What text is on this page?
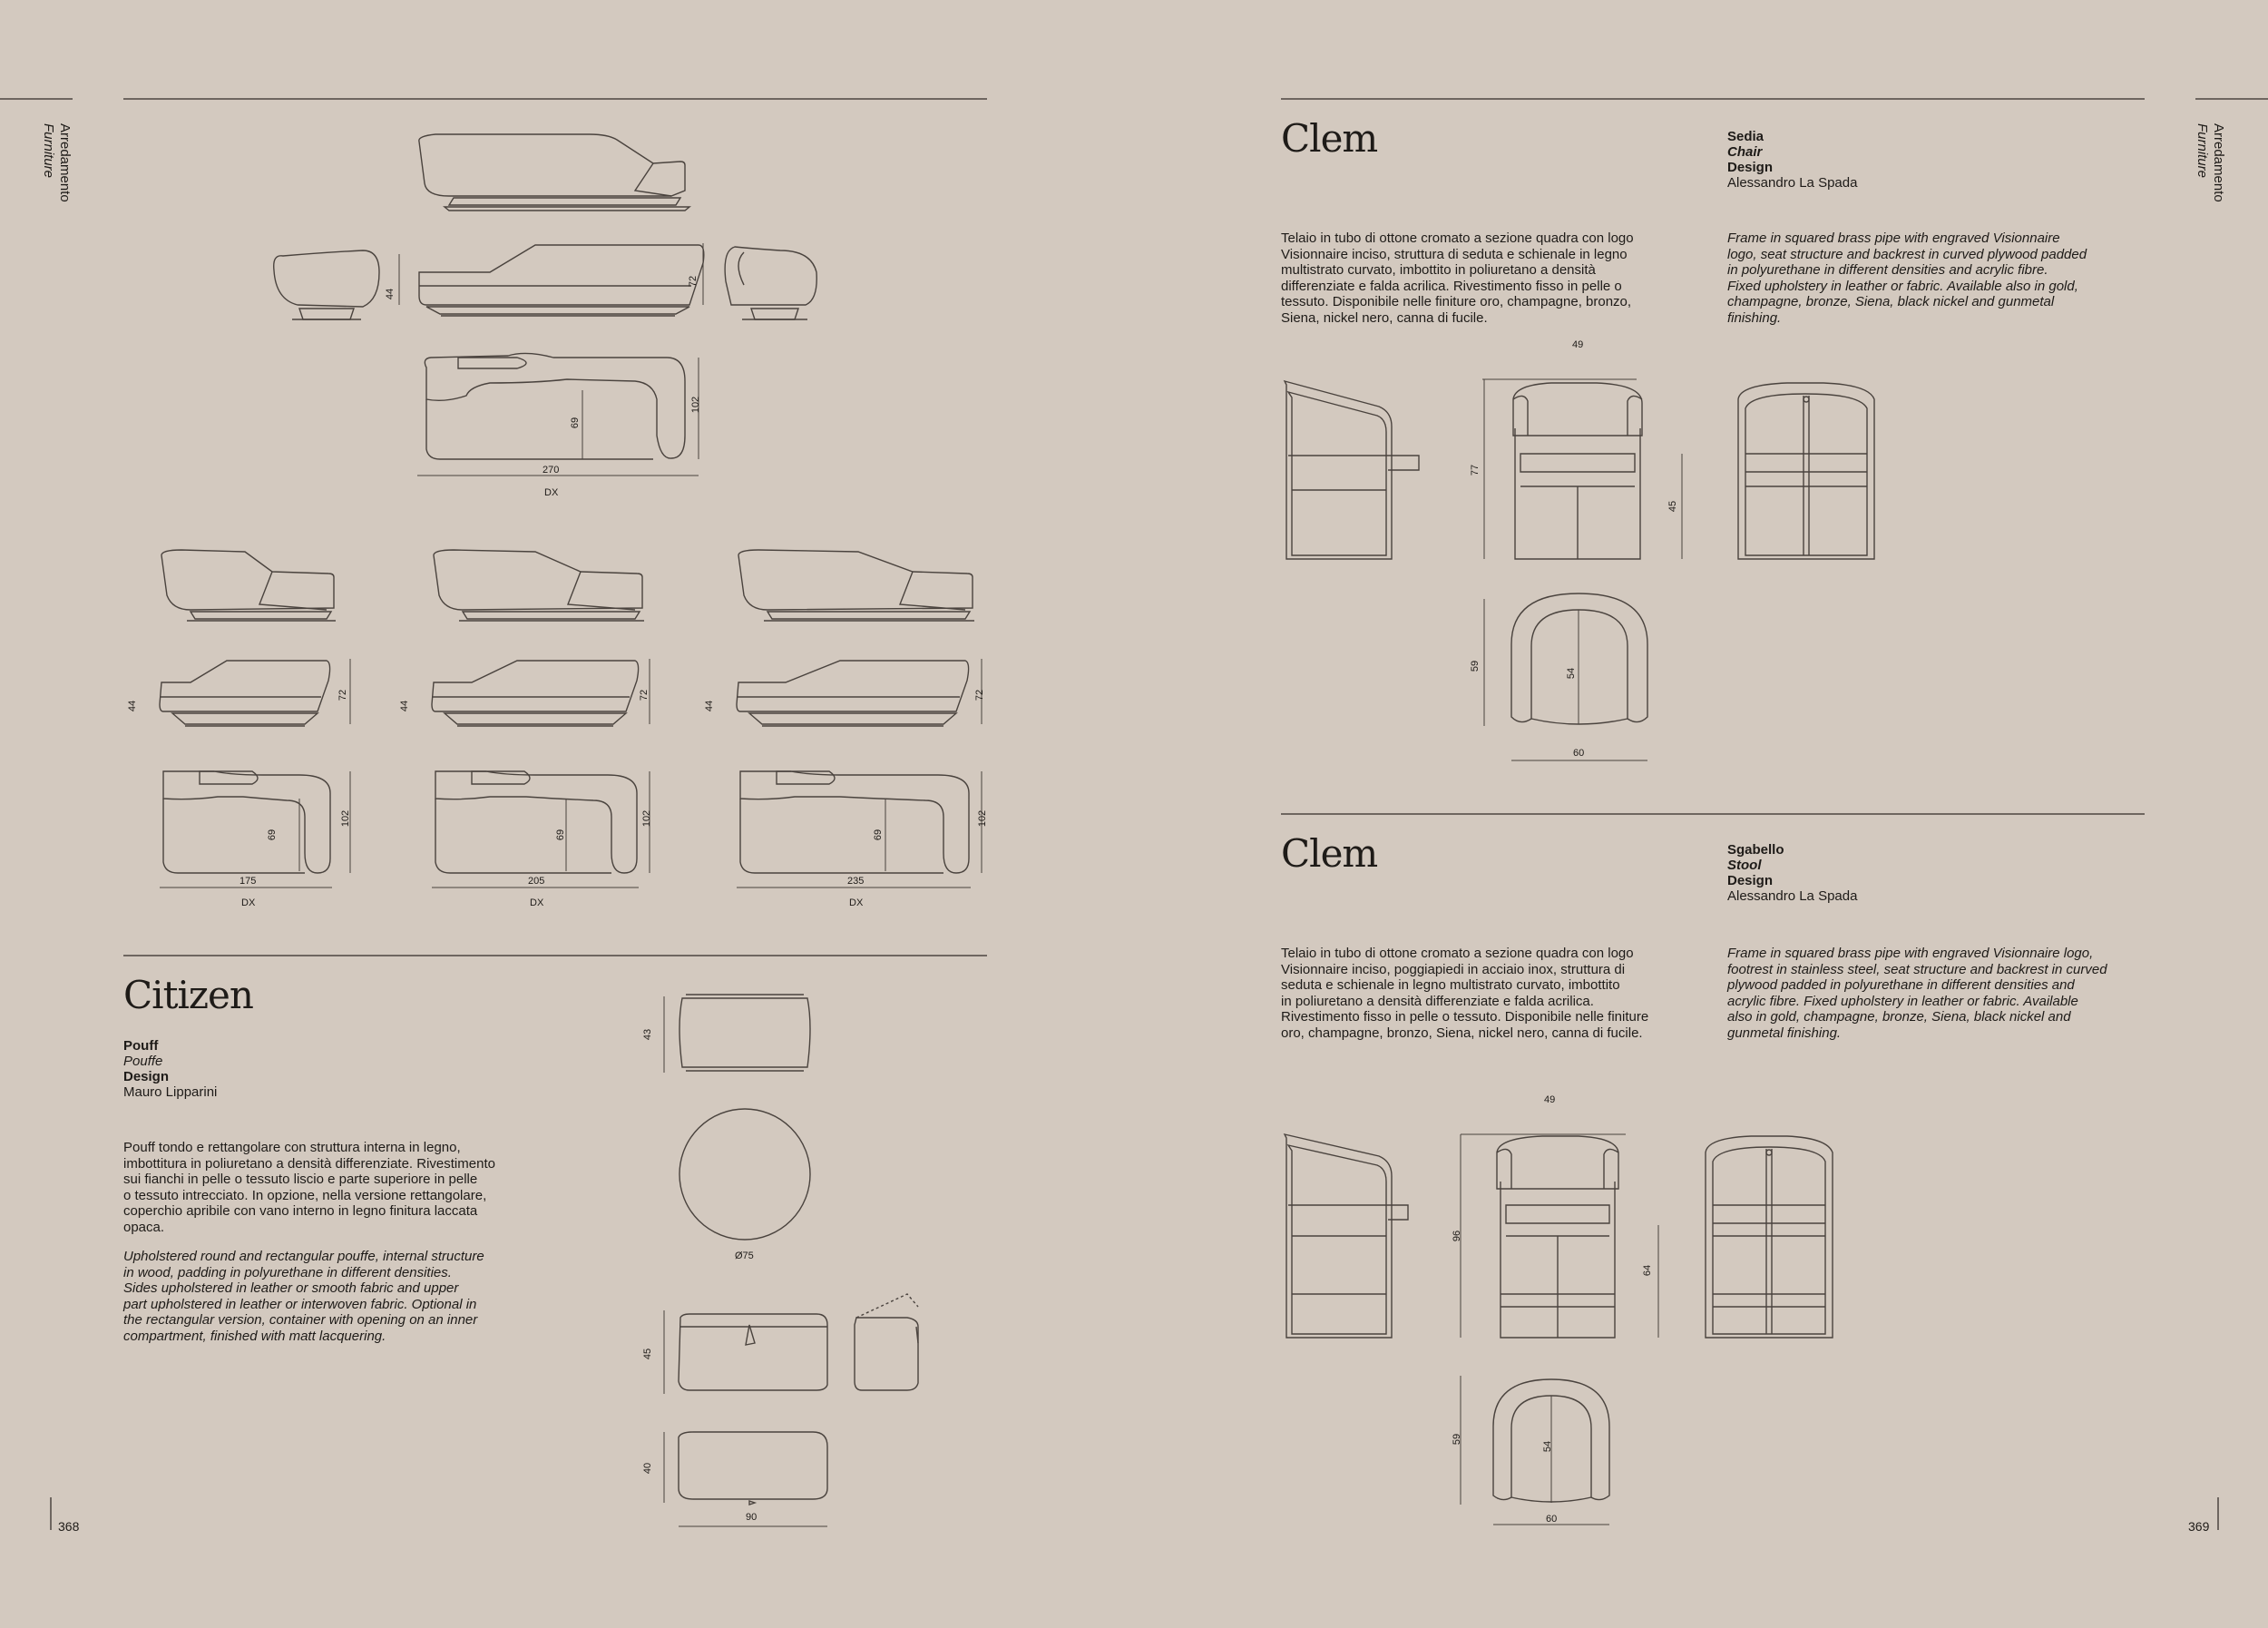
Arredamento
Furniture
368
44
72
69
102
270
DX
44
72
69
102
175
DX
44
72
69
102
205
DX
44
72
69
102
235
DX
Citizen
Pouff
Pouffe
Design
Mauro Lipparini
Pouff tondo e rettangolare con struttura interna in legno,
imbottitura in poliuretano a densità differenziate. Rivestimento
sui fianchi in pelle o tessuto liscio e parte superiore in pelle
o tessuto intrecciato. In opzione, nella versione rettangolare,
coperchio apribile con vano interno in legno finitura laccata
opaca.
Upholstered round and rectangular pouffe, internal structure
in wood, padding in polyurethane in different densities.
Sides upholstered in leather or smooth fabric and upper
part upholstered in leather or interwoven fabric. Optional in
the rectangular version, container with opening on an inner
compartment, finished with matt lacquering.
43
Ø75
45
40
90
Arredamento
Furniture
369
Clem	Sedia
Chair
Design
Alessandro La Spada
Telaio in tubo di ottone cromato a sezione quadra con logo
Visionnaire inciso, struttura di seduta e schienale in legno
multistrato curvato, imbottito in poliuretano a densità
differenziate e falda acrilica. Rivestimento fisso in pelle o
tessuto. Disponibile nelle finiture oro, champagne, bronzo,
Siena, nickel nero, canna di fucile.
Frame in squared brass pipe with engraved Visionnaire
logo, seat structure and backrest in curved plywood padded
in polyurethane in different densities and acrylic fibre.
Fixed upholstery in leather or fabric. Available also in gold,
champagne, bronze, Siena, black nickel and gunmetal
finishing.
49
77
45
59
54
60
Clem	Sgabello
Stool
Design
Alessandro La Spada
Telaio in tubo di ottone cromato a sezione quadra con logo
Visionnaire inciso, poggiapiedi in acciaio inox, struttura di
seduta e schienale in legno multistrato curvato, imbottito
in poliuretano a densità differenziate e falda acrilica.
Rivestimento fisso in pelle o tessuto. Disponibile nelle finiture
oro, champagne, bronzo, Siena, nickel nero, canna di fucile.
Frame in squared brass pipe with engraved Visionnaire logo,
footrest in stainless steel, seat structure and backrest in curved
plywood padded in polyurethane in different densities and
acrylic fibre. Fixed upholstery in leather or fabric. Available
also in gold, champagne, bronze, Siena, black nickel and
gunmetal finishing.
49
96
64
59
54
60
